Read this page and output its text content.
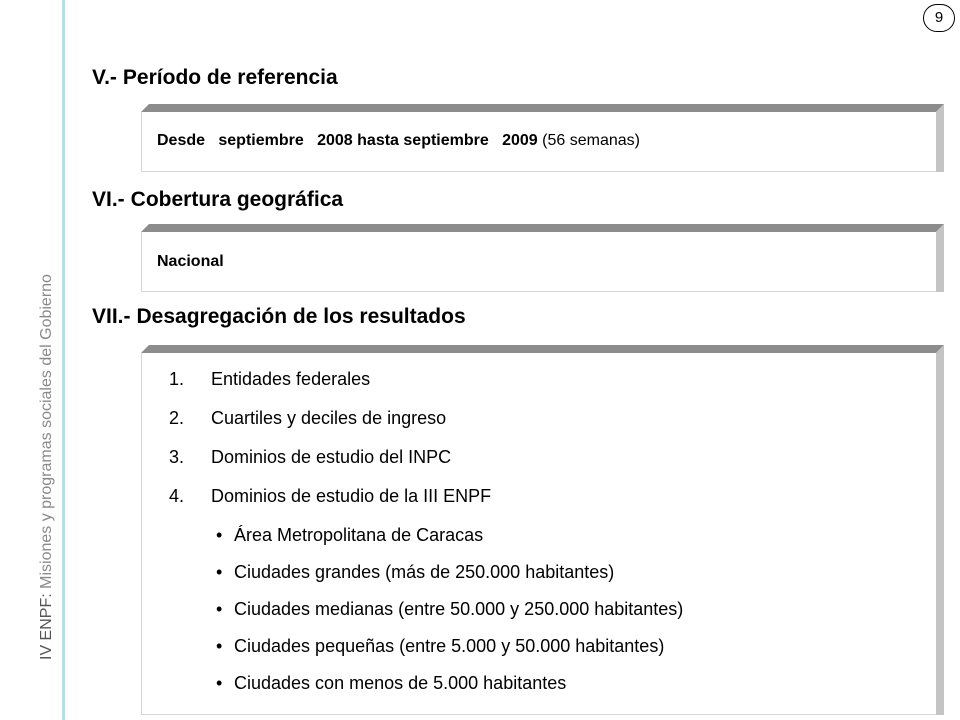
IV ENPF: Misiones y programas sociales del Gobierno
9
V.- Período de referencia
Desde septiembre 2008 hasta septiembre 2009 (56 semanas)
VI.- Cobertura geográfica
Nacional
VII.- Desagregación de los resultados
1. Entidades federales
2. Cuartiles y deciles de ingreso
3. Dominios de estudio del INPC
4. Dominios de estudio de la III ENPF
• Área Metropolitana de Caracas
• Ciudades grandes (más de 250.000 habitantes)
• Ciudades medianas (entre 50.000 y 250.000 habitantes)
• Ciudades pequeñas (entre 5.000 y 50.000 habitantes)
• Ciudades con menos de 5.000 habitantes
